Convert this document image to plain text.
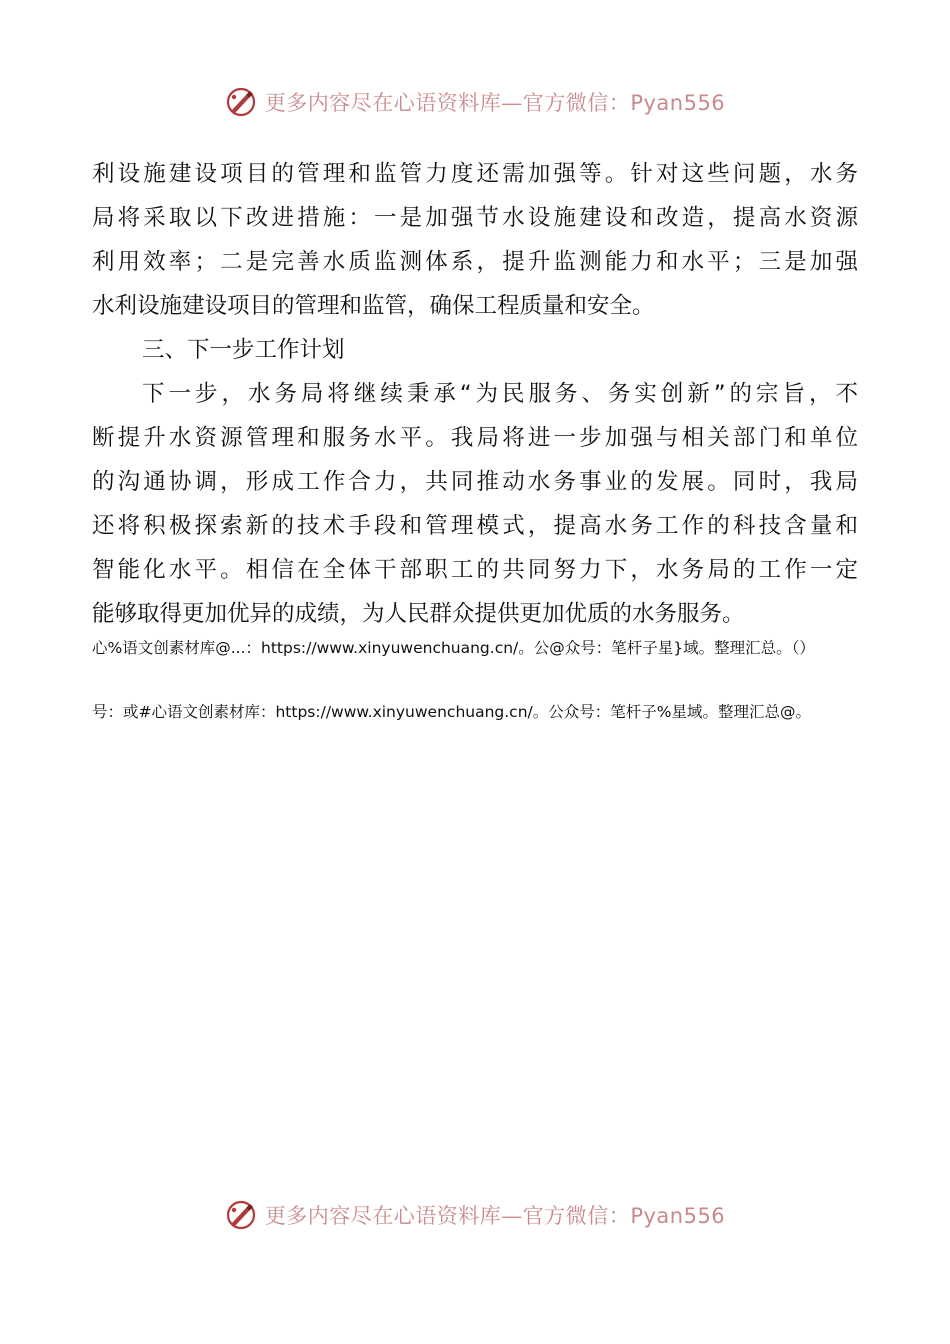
更多内容尽在心语资料库—官方微信：Pyan556
利设施建设项目的管理和监管力度还需加强等。针对这些问题，水务
局将采取以下改进措施：一是加强节水设施建设和改造，提高水资源
利用效率；二是完善水质监测体系，提升监测能力和水平；三是加强
水利设施建设项目的管理和监管，确保工程质量和安全。
三、下一步工作计划
下一步，水务局将继续秉承“为民服务、务实创新”的宗旨，不
断提升水资源管理和服务水平。我局将进一步加强与相关部门和单位
的沟通协调，形成工作合力，共同推动水务事业的发展。同时，我局
还将积极探索新的技术手段和管理模式，提高水务工作的科技含量和
智能化水平。相信在全体干部职工的共同努力下，水务局的工作一定
能够取得更加优异的成绩，为人民群众提供更加优质的水务服务。
心%语文创素材库@...：https://www.xinyuwenchuang.cn/。公@众号：笔杆子星}域。整理汇总。（）
号：或#心语文创素材库：https://www.xinyuwenchuang.cn/。公众号：笔杆子%星域。整理汇总@。
更多内容尽在心语资料库—官方微信：Pyan556
